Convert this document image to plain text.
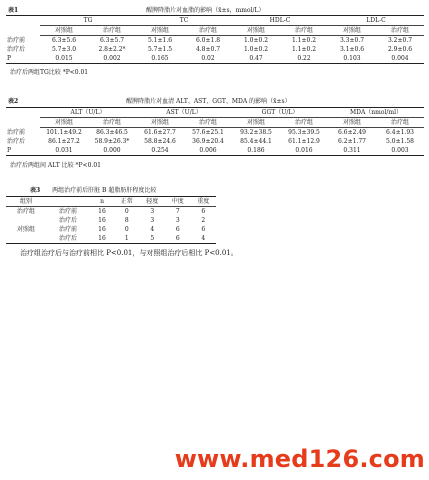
表1	醒脾降脂片对血脂的影响（x̄±s，mmol/L）
	TG		TC		HDL-C		LDL-C	
	对照组	治疗组	对照组	治疗组	对照组	治疗组	对照组	治疗组
治疗前	6.3±5.6	6.3±5.7	5.1±1.6	6.0±1.8	1.0±0.2	1.1±0.2	3.3±0.7	3.2±0.7
治疗后	5.7±3.0	2.8±2.2*	5.7±1.5	4.8±0.7	1.0±0.2	1.1±0.2	3.1±0.6	2.9±0.6
P	0.015	0.002	0.165	0.02	0.47	0.22	0.103	0.004
治疗后两组TG比较 *P<0.01
表2	醒脾降脂片对血清 ALT、AST、GGT、MDA 的影响（x̄±s）
	ALT（U/L）		AST（U/L）		GGT（U/L）		MDA（nmol/ml）	
	对照组	治疗组	对照组	治疗组	对照组	治疗组	对照组	治疗组
治疗前	101.1±49.2	86.3±46.5	61.6±27.7	57.6±25.1	93.2±38.5	95.3±39.5	6.6±2.49	6.4±1.93
治疗后	86.1±27.2	58.9±26.3*	58.8±24.6	36.9±20.4	85.4±44.1	61.1±12.9	6.2±1.77	5.0±1.58
P	0.031	0.000	0.254	0.006	0.186	0.016	0.311	0.003
治疗后两组间 ALT 比较 *P<0.01
表3 两组治疗前后肝脏 B 超脂肪肝程度比较
组别		n	正常	轻度	中度	重度
治疗组	治疗前	16	0	3	7	6
	治疗后	16	8	3	3	2
对照组	治疗前	16	0	4	6	6
	治疗后	16	1	5	6	4
治疗组治疗后与治疗前相比 P<0.01，与对照组治疗后相比 P<0.01。
www.med126.com
